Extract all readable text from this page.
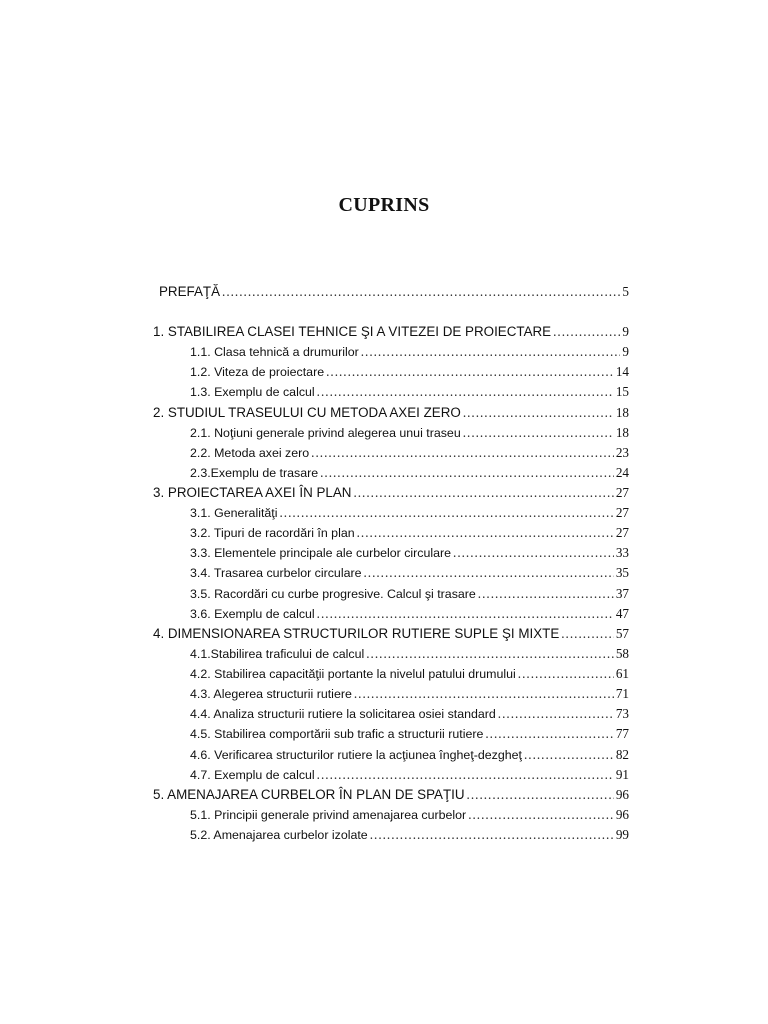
CUPRINS
PREFAŢĂ .....	5
1. STABILIREA CLASEI TEHNICE ŞI A VITEZEI DE PROIECTARE .....	9
1.1. Clasa tehnică a drumurilor .....	9
1.2. Viteza de proiectare .....	14
1.3. Exemplu de calcul .....	15
2. STUDIUL TRASEULUI CU METODA AXEI ZERO .....	18
2.1. Noţiuni generale privind alegerea unui traseu .....	18
2.2. Metoda axei zero .....	23
2.3.Exemplu de trasare .....	24
3. PROIECTAREA AXEI ÎN PLAN .....	27
3.1. Generalităţi .....	27
3.2. Tipuri de racordări în plan .....	27
3.3. Elementele principale ale curbelor circulare .....	33
3.4. Trasarea curbelor circulare .....	35
3.5. Racordări cu curbe progresive. Calcul şi trasare .....	37
3.6. Exemplu de calcul .....	47
4. DIMENSIONAREA STRUCTURILOR RUTIERE SUPLE ŞI MIXTE .....	57
4.1.Stabilirea traficului de calcul .....	58
4.2. Stabilirea capacităţii portante la nivelul patului drumului .....	61
4.3. Alegerea structurii rutiere .....	71
4.4. Analiza structurii rutiere la solicitarea osiei standard .....	73
4.5. Stabilirea comportării sub trafic a structurii rutiere .....	77
4.6. Verificarea structurilor rutiere la acţiunea îngheţ-dezgheţ .....	82
4.7. Exemplu de calcul .....	91
5. AMENAJAREA CURBELOR ÎN PLAN DE SPAŢIU .....	96
5.1. Principii generale privind amenajarea curbelor .....	96
5.2. Amenajarea curbelor izolate .....	99
